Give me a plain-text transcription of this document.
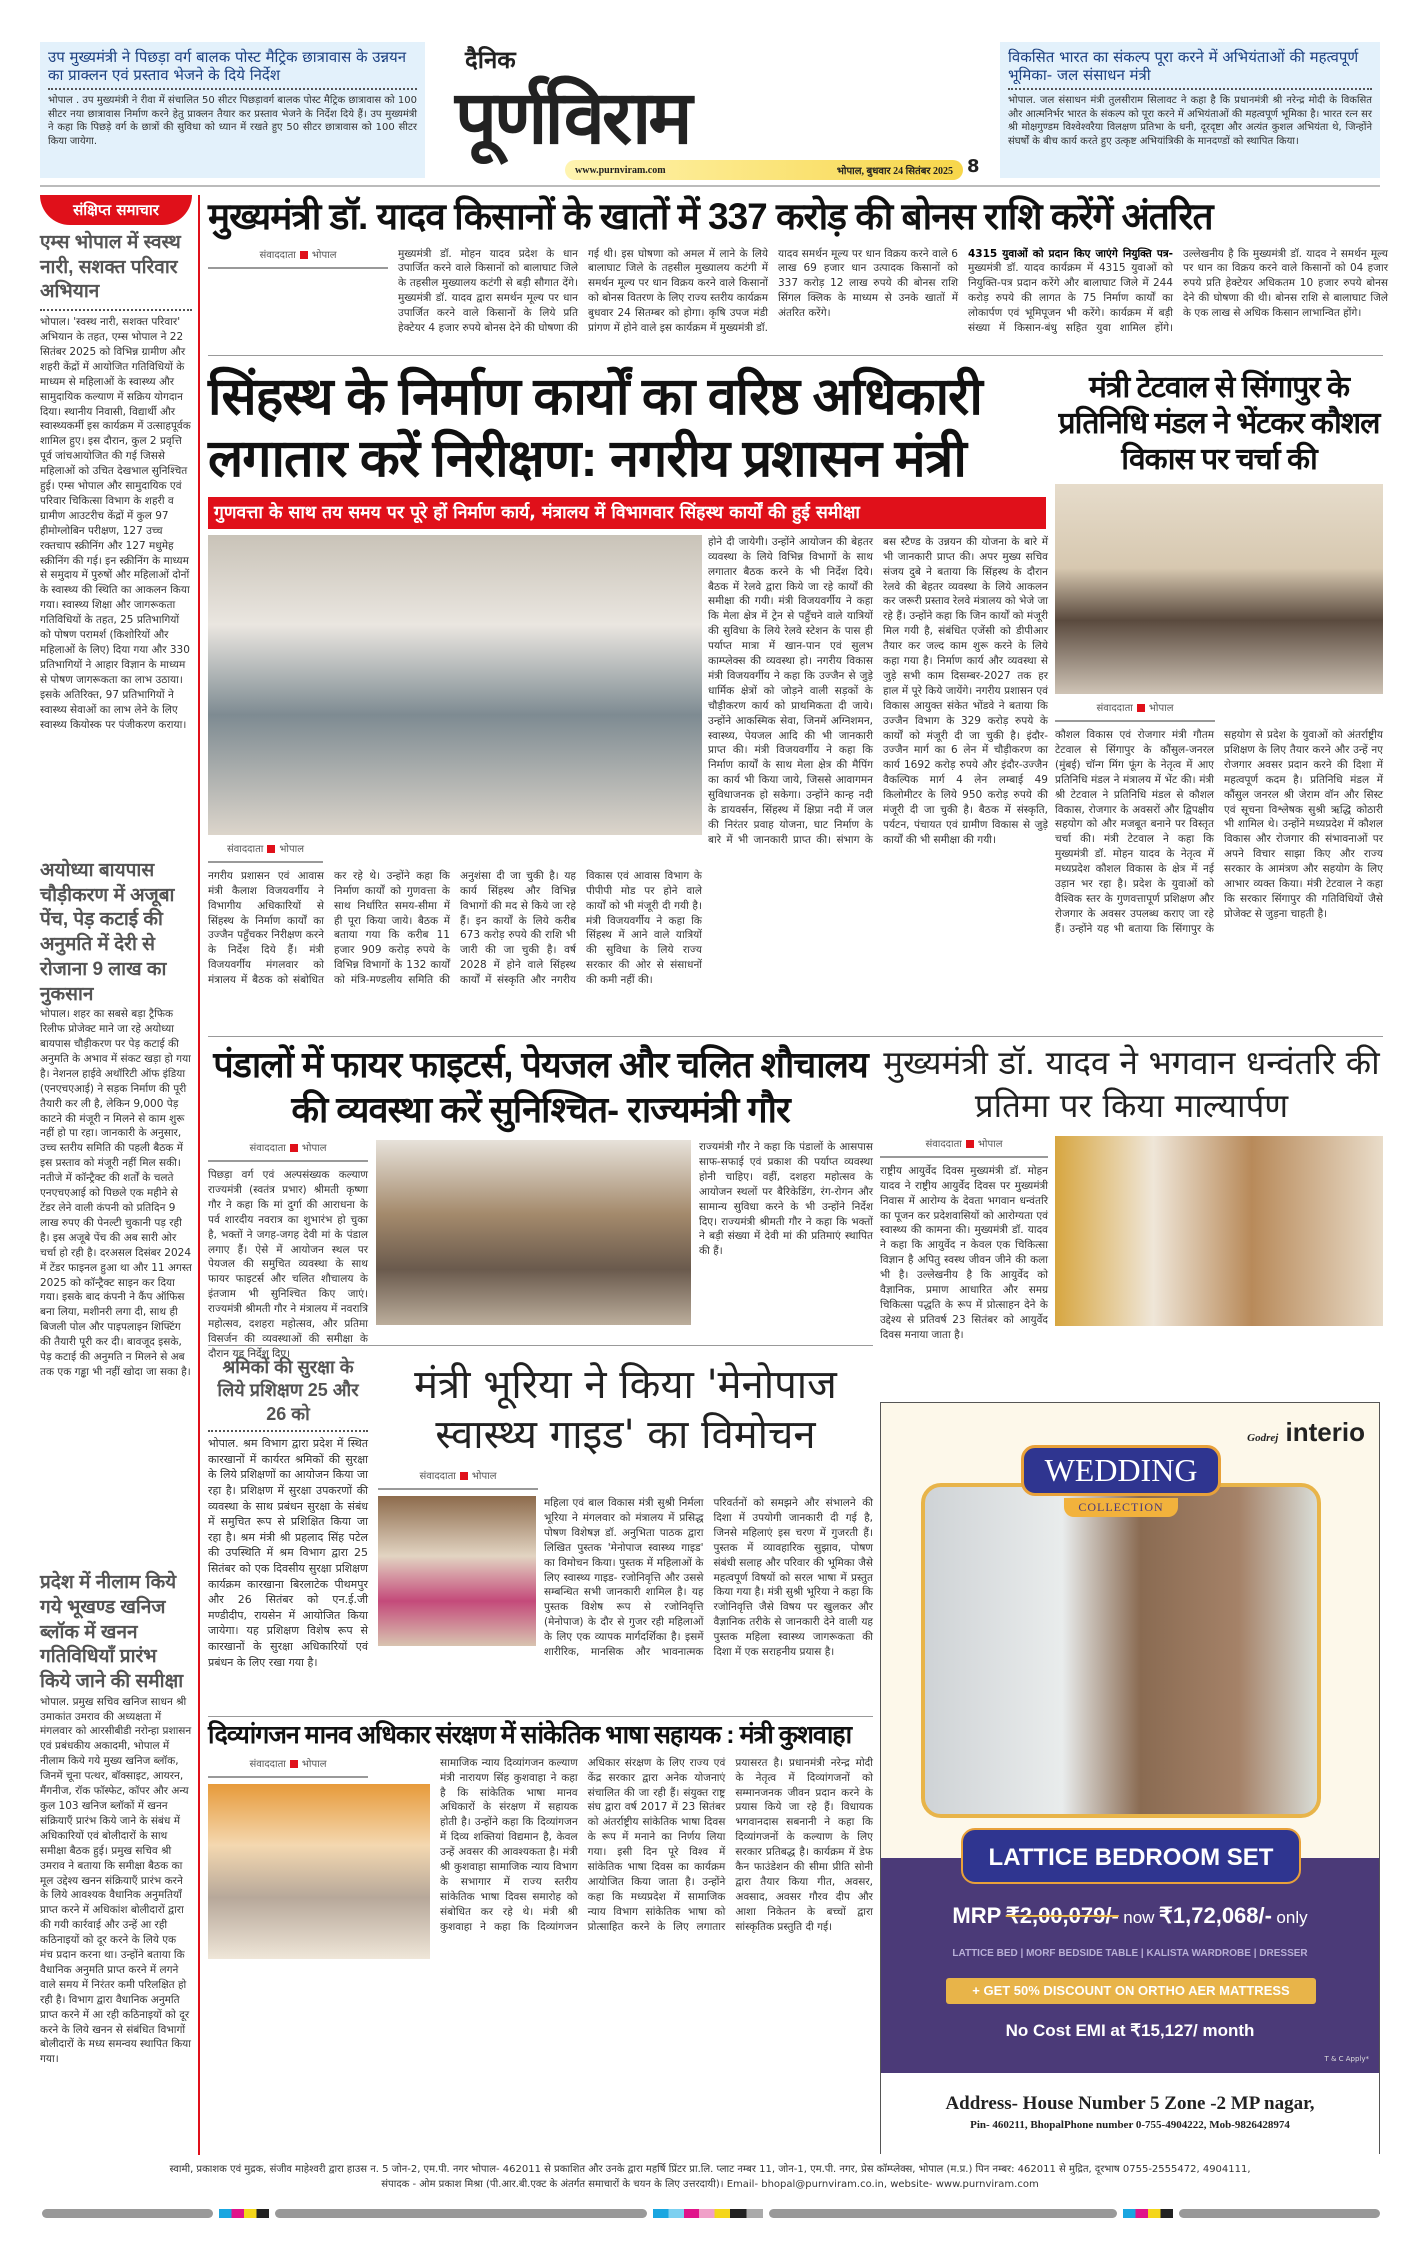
उप मुख्यमंत्री ने पिछड़ा वर्ग बालक पोस्ट मैट्रिक छात्रावास के उन्नयन का प्राक्लन एवं प्रस्ताव भेजने के दिये निर्देश
भोपाल . उप मुख्यमंत्री ने रीवा में संचालित 50 सीटर पिछड़ावर्ग बालक पोस्ट मैट्रिक छात्रावास को 100 सीटर नया छात्रावास निर्माण करने हेतु प्राक्लन तैयार कर प्रस्ताव भेजने के निर्देश दिये हैं। उप मुख्यमंत्री ने कहा कि पिछड़े वर्ग के छात्रों की सुविधा को ध्यान में रखते हुए 50 सीटर छात्रावास को 100 सीटर किया जायेगा.
दैनिक
पूर्णविराम
www.purnviram.com	भोपाल, बुधवार 24 सितंबर 2025 8
विकसित भारत का संकल्प पूरा करने में अभियंताओं की महत्वपूर्ण भूमिका- जल संसाधन मंत्री
भोपाल. जल संसाधन मंत्री तुलसीराम सिलावट ने कहा है कि प्रधानमंत्री श्री नरेन्द्र मोदी के विकसित और आत्मनिर्भर भारत के संकल्प को पूरा करने में अभियंताओं की महत्वपूर्ण भूमिका है। भारत रत्न सर श्री मोक्षगुण्डम विश्वेश्वरैया विलक्षण प्रतिभा के धनी, दूरदृष्टा और अत्यंत कुशल अभियंता थे, जिन्होंने संघर्षों के बीच कार्य करते हुए उत्कृष्ट अभियांत्रिकी के मानदण्डों को स्थापित किया।
संक्षिप्त समाचार
एम्स भोपाल में स्वस्थ नारी, सशक्त परिवार अभियान
भोपाल। 'स्वस्थ नारी, सशक्त परिवार' अभियान के तहत, एम्स भोपाल ने 22 सितंबर 2025 को विभिन्न ग्रामीण और शहरी केंद्रों में आयोजित गतिविधियों के माध्यम से महिलाओं के स्वास्थ्य और सामुदायिक कल्याण में सक्रिय योगदान दिया। स्थानीय निवासी, विद्यार्थी और स्वास्थ्यकर्मी इस कार्यक्रम में उत्साहपूर्वक शामिल हुए। इस दौरान, कुल 2 प्रवृत्ति पूर्व जांचआयोजित की गई जिससे महिलाओं को उचित देखभाल सुनिश्चित हुई। एम्स भोपाल और सामुदायिक एवं परिवार चिकित्सा विभाग के शहरी व ग्रामीण आउटरीच केंद्रों में कुल 97 हीमोग्लोबिन परीक्षण, 127 उच्च रक्तचाप स्क्रीनिंग और 127 मधुमेह स्क्रीनिंग की गई। इन स्क्रीनिंग के माध्यम से समुदाय में पुरुषों और महिलाओं दोनों के स्वास्थ्य की स्थिति का आकलन किया गया। स्वास्थ्य शिक्षा और जागरूकता गतिविधियों के तहत, 25 प्रतिभागियों को पोषण परामर्श (किशोरियों और महिलाओं के लिए) दिया गया और 330 प्रतिभागियों ने आहार विज्ञान के माध्यम से पोषण जागरूकता का लाभ उठाया। इसके अतिरिक्त, 97 प्रतिभागियों ने स्वास्थ्य सेवाओं का लाभ लेने के लिए स्वास्थ्य कियोस्क पर पंजीकरण कराया।
अयोध्या बायपास चौड़ीकरण में अजूबा पेंच, पेड़ कटाई की अनुमति में देरी से रोजाना 9 लाख का नुकसान
भोपाल। शहर का सबसे बड़ा ट्रैफिक रिलीफ प्रोजेक्ट माने जा रहे अयोध्या बायपास चौड़ीकरण पर पेड़ कटाई की अनुमति के अभाव में संकट खड़ा हो गया है। नेशनल हाईवे अथॉरिटी ऑफ इंडिया (एनएचएआई) ने सड़क निर्माण की पूरी तैयारी कर ली है, लेकिन 9,000 पेड़ काटने की मंजूरी न मिलने से काम शुरू नहीं हो पा रहा। जानकारी के अनुसार, उच्च स्तरीय समिति की पहली बैठक में इस प्रस्ताव को मंजूरी नहीं मिल सकी। नतीजे में कॉन्ट्रैक्ट की शर्तों के चलते एनएचएआई को पिछले एक महीने से टेंडर लेने वाली कंपनी को प्रतिदिन 9 लाख रुपए की पेनल्टी चुकानी पड़ रही है। इस अजूबे पेंच की अब सारी ओर चर्चा हो रही है। दरअसल दिसंबर 2024 में टेंडर फाइनल हुआ था और 11 अगस्त 2025 को कॉन्ट्रैक्ट साइन कर दिया गया। इसके बाद कंपनी ने कैंप ऑफिस बना लिया, मशीनरी लगा दी, साथ ही बिजली पोल और पाइपलाइन शिफ्टिंग की तैयारी पूरी कर दी। बावजूद इसके, पेड़ कटाई की अनुमति न मिलने से अब तक एक गड्ढा भी नहीं खोदा जा सका है।
प्रदेश में नीलाम किये गये भूखण्ड खनिज ब्लॉक में खनन गतिविधियाँ प्रारंभ किये जाने की समीक्षा
भोपाल. प्रमुख सचिव खनिज साधन श्री उमाकांत उमराव की अध्यक्षता में मंगलवार को आरसीबीडी नरोन्हा प्रशासन एवं प्रबंधकीय अकादमी, भोपाल में नीलाम किये गये मुख्य खनिज ब्लॉक, जिनमें चूना पत्थर, बॉक्साइट, आयरन, मैंगनीज, रॉक फॉस्फेट, कॉपर और अन्य कुल 103 खनिज ब्लॉकों में खनन संक्रियाएँ प्रारंभ किये जाने के संबंध में अधिकारियों एवं बोलीदारों के साथ समीक्षा बैठक हुई। प्रमुख सचिव श्री उमराव ने बताया कि समीक्षा बैठक का मूल उद्देश्य खनन संक्रियाएँ प्रारंभ करने के लिये आवश्यक वैधानिक अनुमतियाँ प्राप्त करने में अधिकांश बोलीदारों द्वारा की गयी कार्रवाई और उन्हें आ रही कठिनाइयों को दूर करने के लिये एक मंच प्रदान करना था। उन्होंने बताया कि वैधानिक अनुमति प्राप्त करने में लगने वाले समय में निरंतर कमी परिलक्षित हो रही है। विभाग द्वारा वैधानिक अनुमति प्राप्त करने में आ रही कठिनाइयों को दूर करने के लिये खनन से संबंधित विभागों बोलीदारों के मध्य समन्वय स्थापित किया गया।
मुख्यमंत्री डॉ. यादव किसानों के खातों में 337 करोड़ की बोनस राशि करेंगें अंतरित
संवाददाता भोपाल	मुख्यमंत्री डॉ. मोहन यादव प्रदेश के धान उपार्जित करने वाले किसानों को बालाघाट जिले के तहसील मुख्यालय कटंगी से बड़ी सौगात देंगे। मुख्यमंत्री डॉ. यादव द्वारा समर्थन मूल्य पर धान उपार्जित करने वाले किसानों के लिये प्रति हेक्टेयर 4 हजार रुपये बोनस देने की घोषणा की गई थी। इस घोषणा को अमल में लाने के लिये बालाघाट जिले के तहसील मुख्यालय कटंगी में समर्थन मूल्य पर धान विक्रय करने वाले किसानों को बोनस वितरण के लिए राज्य स्तरीय कार्यक्रम बुधवार 24 सितम्बर को होगा। कृषि उपज मंडी प्रांगण में होने वाले इस कार्यक्रम में मुख्यमंत्री डॉ. यादव समर्थन मूल्य पर धान विक्रय करने वाले 6 लाख 69 हजार धान उत्पादक किसानों को 337 करोड़ 12 लाख रुपये की बोनस राशि सिंगल क्लिक के माध्यम से उनके खातों में अंतरित करेंगे।
4315 युवाओं को प्रदान किए जाएंगे नियुक्ति पत्र- मुख्यमंत्री डॉ. यादव कार्यक्रम में 4315 युवाओं को नियुक्ति-पत्र प्रदान करेंगे और बालाघाट जिले में 244 करोड़ रुपये की लागत के 75 निर्माण कार्यों का लोकार्पण एवं भूमिपूजन भी करेंगे। कार्यक्रम में बड़ी संख्या में किसान-बंधु सहित युवा शामिल होंगे। उल्लेखनीय है कि मुख्यमंत्री डॉ. यादव ने समर्थन मूल्य पर धान का विक्रय करने वाले किसानों को 04 हजार रुपये प्रति हेक्टेयर अधिकतम 10 हजार रुपये बोनस देने की घोषणा की थी। बोनस राशि से बालाघाट जिले के एक लाख से अधिक किसान लाभान्वित होंगे।
सिंहस्थ के निर्माण कार्यों का वरिष्ठ अधिकारी लगातार करें निरीक्षण: नगरीय प्रशासन मंत्री
गुणवत्ता के साथ तय समय पर पूरे हों निर्माण कार्य, मंत्रालय में विभागवार सिंहस्थ कार्यों की हुई समीक्षा
संवाददाता भोपाल
नगरीय प्रशासन एवं आवास मंत्री कैलाश विजयवर्गीय ने विभागीय अधिकारियों से सिंहस्थ के निर्माण कार्यों का उज्जैन पहुँचकर निरीक्षण करने के निर्देश दिये हैं। मंत्री विजयवर्गीय मंगलवार को मंत्रालय में बैठक को संबोधित कर रहे थे। उन्होंने कहा कि निर्माण कार्यों को गुणवत्ता के साथ निर्धारित समय-सीमा में ही पूरा किया जाये। बैठक में बताया गया कि करीब 11 हजार 909 करोड़ रुपये के विभिन्न विभागों के 132 कार्यों को मंत्रि-मण्डलीय समिति की अनुशंसा दी जा चुकी है। यह कार्य सिंहस्थ और विभिन्न विभागों की मद से किये जा रहे हैं। इन कार्यों के लिये करीब 673 करोड़ रुपये की राशि भी जारी की जा चुकी है। वर्ष 2028 में होने वाले सिंहस्थ कार्यों में संस्कृति और नगरीय विकास एवं आवास विभाग के पीपीपी मोड पर होने वाले कार्यों को भी मंजूरी दी गयी है। मंत्री विजयवर्गीय ने कहा कि सिंहस्थ में आने वाले यात्रियों की सुविधा के लिये राज्य सरकार की ओर से संसाधनों की कमी नहीं की।
होने दी जायेगी। उन्होंने आयोजन की बेहतर व्यवस्था के लिये विभिन्न विभागों के साथ लगातार बैठक करने के भी निर्देश दिये। बैठक में रेलवे द्वारा किये जा रहे कार्यों की समीक्षा की गयी। मंत्री विजयवर्गीय ने कहा कि मेला क्षेत्र में ट्रेन से पहुँचने वाले यात्रियों की सुविधा के लिये रेलवे स्टेशन के पास ही पर्याप्त मात्रा में खान-पान एवं सुलभ काम्प्लेक्स की व्यवस्था हो। नगरीय विकास मंत्री विजयवर्गीय ने कहा कि उज्जैन से जुड़े धार्मिक क्षेत्रों को जोड़ने वाली सड़कों के चौड़ीकरण कार्य को प्राथमिकता दी जाये। उन्होंने आकस्मिक सेवा, जिनमें अग्निशमन, स्वास्थ्य, पेयजल आदि की भी जानकारी प्राप्त की। मंत्री विजयवर्गीय ने कहा कि निर्माण कार्यों के साथ मेला क्षेत्र की मैपिंग का कार्य भी किया जाये, जिससे आवागमन सुविधाजनक हो सकेगा। उन्होंने कान्ह नदी के डायवर्सन, सिंहस्थ में क्षिप्रा नदी में जल की निरंतर प्रवाह योजना, घाट निर्माण के बारे में भी जानकारी प्राप्त की। संभाग के बस स्टैण्ड के उन्नयन की योजना के बारे में भी जानकारी प्राप्त की। अपर मुख्य सचिव संजय दुबे ने बताया कि सिंहस्थ के दौरान रेलवे की बेहतर व्यवस्था के लिये आकलन कर जरूरी प्रस्ताव रेलवे मंत्रालय को भेजे जा रहे हैं। उन्होंने कहा कि जिन कार्यों को मंजूरी मिल गयी है, संबंधित एजेंसी को डीपीआर तैयार कर जल्द काम शुरू करने के लिये कहा गया है। निर्माण कार्य और व्यवस्था से जुड़े सभी काम दिसम्बर-2027 तक हर हाल में पूरे किये जायेंगे। नगरीय प्रशासन एवं विकास आयुक्त संकेत भोंडवे ने बताया कि उज्जैन विभाग के 329 करोड़ रुपये के कार्यों को मंजूरी दी जा चुकी है। इंदौर-उज्जैन मार्ग का 6 लेन में चौड़ीकरण का कार्य 1692 करोड़ रुपये और इंदौर-उज्जैन वैकल्पिक मार्ग 4 लेन लम्बाई 49 किलोमीटर के लिये 950 करोड़ रुपये की मंजूरी दी जा चुकी है। बैठक में संस्कृति, पर्यटन, पंचायत एवं ग्रामीण विकास से जुड़े कार्यों की भी समीक्षा की गयी।
मंत्री टेटवाल से सिंगापुर के प्रतिनिधि मंडल ने भेंटकर कौशल विकास पर चर्चा की
संवाददाता भोपाल
कौशल विकास एवं रोजगार मंत्री गौतम टेटवाल से सिंगापुर के कौंसुल-जनरल (मुंबई) चॉन्ग मिंग फूंग के नेतृत्व में आए प्रतिनिधि मंडल ने मंत्रालय में भेंट की। मंत्री श्री टेटवाल ने प्रतिनिधि मंडल से कौशल विकास, रोजगार के अवसरों और द्विपक्षीय सहयोग को और मजबूत बनाने पर विस्तृत चर्चा की। मंत्री टेटवाल ने कहा कि मुख्यमंत्री डॉ. मोहन यादव के नेतृत्व में मध्यप्रदेश कौशल विकास के क्षेत्र में नई उड़ान भर रहा है। प्रदेश के युवाओं को वैश्विक स्तर के गुणवत्तापूर्ण प्रशिक्षण और रोजगार के अवसर उपलब्ध कराए जा रहे हैं। उन्होंने यह भी बताया कि सिंगापुर के सहयोग से प्रदेश के युवाओं को अंतर्राष्ट्रीय प्रशिक्षण के लिए तैयार करने और उन्हें नए रोजगार अवसर प्रदान करने की दिशा में महत्वपूर्ण कदम है। प्रतिनिधि मंडल में कौंसुल जनरल श्री जेराम वॉन और सिस्ट एवं सूचना विश्लेषक सुश्री ऋद्धि कोठारी भी शामिल थे। उन्होंने मध्यप्रदेश में कौशल विकास और रोजगार की संभावनाओं पर अपने विचार साझा किए और राज्य सरकार के आमंत्रण और सहयोग के लिए आभार व्यक्त किया। मंत्री टेटवाल ने कहा कि सरकार सिंगापुर की गतिविधियों जैसे प्रोजेक्ट से जुड़ना चाहती है।
पंडालों में फायर फाइटर्स, पेयजल और चलित शौचालय की व्यवस्था करें सुनिश्चित- राज्यमंत्री गौर
संवाददाता भोपाल
पिछड़ा वर्ग एवं अल्पसंख्यक कल्याण राज्यमंत्री (स्वतंत्र प्रभार) श्रीमती कृष्णा गौर ने कहा कि मां दुर्गा की आराधना के पर्व शारदीय नवरात्र का शुभारंभ हो चुका है, भक्तों ने जगह-जगह देवी मां के पंडाल लगाए हैं। ऐसे में आयोजन स्थल पर पेयजल की समुचित व्यवस्था के साथ फायर फाइटर्स और चलित शौचालय के इंतजाम भी सुनिश्चित किए जाएं। राज्यमंत्री श्रीमती गौर ने मंत्रालय में नवरात्रि महोत्सव, दशहरा महोत्सव, और प्रतिमा विसर्जन की व्यवस्थाओं की समीक्षा के दौरान यह निर्देश दिए।
राज्यमंत्री गौर ने कहा कि पंडालों के आसपास साफ-सफाई एवं प्रकाश की पर्याप्त व्यवस्था होनी चाहिए। वहीं, दशहरा महोत्सव के आयोजन स्थलों पर बैरिकेडिंग, रंग-रोगन और सामान्य सुविधा करने के भी उन्होंने निर्देश दिए। राज्यमंत्री श्रीमती गौर ने कहा कि भक्तों ने बड़ी संख्या में देवी मां की प्रतिमाएं स्थापित की हैं।
मुख्यमंत्री डॉ. यादव ने भगवान धन्वंतरि की प्रतिमा पर किया माल्यार्पण
संवाददाता भोपाल
राष्ट्रीय आयुर्वेद दिवस मुख्यमंत्री डॉ. मोहन यादव ने राष्ट्रीय आयुर्वेद दिवस पर मुख्यमंत्री निवास में आरोग्य के देवता भगवान धन्वंतरि का पूजन कर प्रदेशवासियों को आरोग्यता एवं स्वास्थ्य की कामना की। मुख्यमंत्री डॉ. यादव ने कहा कि आयुर्वेद न केवल एक चिकित्सा विज्ञान है अपितु स्वस्थ जीवन जीने की कला भी है। उल्लेखनीय है कि आयुर्वेद को वैज्ञानिक, प्रमाण आधारित और समग्र चिकित्सा पद्धति के रूप में प्रोत्साहन देने के उद्देश्य से प्रतिवर्ष 23 सितंबर को आयुर्वेद दिवस मनाया जाता है।
श्रमिकों की सुरक्षा के लिये प्रशिक्षण 25 और 26 को
भोपाल. श्रम विभाग द्वारा प्रदेश में स्थित कारखानों में कार्यरत श्रमिकों की सुरक्षा के लिये प्रशिक्षणों का आयोजन किया जा रहा है। प्रशिक्षण में सुरक्षा उपकरणों की व्यवस्था के साथ प्रबंधन सुरक्षा के संबंध में समुचित रूप से प्रशिक्षित किया जा रहा है। श्रम मंत्री श्री प्रहलाद सिंह पटेल की उपस्थिति में श्रम विभाग द्वारा 25 सितंबर को एक दिवसीय सुरक्षा प्रशिक्षण कार्यक्रम कारखाना बिरलाटेक पीथमपुर और 26 सितंबर को एन.ई.जी मण्डीदीप, रायसेन में आयोजित किया जायेगा। यह प्रशिक्षण विशेष रूप से कारखानों के सुरक्षा अधिकारियों एवं प्रबंधन के लिए रखा गया है।
मंत्री भूरिया ने किया 'मेनोपाज स्वास्थ्य गाइड' का विमोचन
संवाददाता भोपाल
महिला एवं बाल विकास मंत्री सुश्री निर्मला भूरिया ने मंगलवार को मंत्रालय में प्रसिद्ध पोषण विशेषज्ञ डॉ. अनुभिता पाठक द्वारा लिखित पुस्तक 'मेनोपाज स्वास्थ्य गाइड' का विमोचन किया। पुस्तक में महिलाओं के लिए स्वास्थ्य गाइड- रजोनिवृत्ति और उससे सम्बन्धित सभी जानकारी शामिल है। यह पुस्तक विशेष रूप से रजोनिवृत्ति (मेनोपाज) के दौर से गुजर रही महिलाओं के लिए एक व्यापक मार्गदर्शिका है। इसमें शारीरिक, मानसिक और भावनात्मक परिवर्तनों को समझने और संभालने की दिशा में उपयोगी जानकारी दी गई है, जिनसे महिलाएं इस चरण में गुजरती हैं। पुस्तक में व्यावहारिक सुझाव, पोषण संबंधी सलाह और परिवार की भूमिका जैसे महत्वपूर्ण विषयों को सरल भाषा में प्रस्तुत किया गया है। मंत्री सुश्री भूरिया ने कहा कि रजोनिवृत्ति जैसे विषय पर खुलकर और वैज्ञानिक तरीके से जानकारी देने वाली यह पुस्तक महिला स्वास्थ्य जागरूकता की दिशा में एक सराहनीय प्रयास है।
दिव्यांगजन मानव अधिकार संरक्षण में सांकेतिक भाषा सहायक : मंत्री कुशवाहा
संवाददाता भोपाल	सामाजिक न्याय दिव्यांगजन कल्याण मंत्री नारायण सिंह कुशवाहा ने कहा है कि सांकेतिक भाषा मानव अधिकारों के संरक्षण में सहायक होती है। उन्होंने कहा कि दिव्यांगजन में दिव्य शक्तियां विद्यमान है, केवल उन्हें अवसर की आवश्यकता है। मंत्री श्री कुशवाहा सामाजिक न्याय विभाग के सभागार में राज्य स्तरीय सांकेतिक भाषा दिवस समारोह को संबोधित कर रहे थे। मंत्री श्री कुशवाहा ने कहा कि दिव्यांगजन अधिकार संरक्षण के लिए राज्य एवं केंद्र सरकार द्वारा अनेक योजनाएं संचालित की जा रही हैं। संयुक्त राष्ट्र संघ द्वारा वर्ष 2017 में 23 सितंबर को अंतर्राष्ट्रीय सांकेतिक भाषा दिवस के रूप में मनाने का निर्णय लिया गया। इसी दिन पूरे विश्व में सांकेतिक भाषा दिवस का कार्यक्रम आयोजित किया जाता है। उन्होंने कहा कि मध्यप्रदेश में सामाजिक न्याय विभाग सांकेतिक भाषा को प्रोत्साहित करने के लिए लगातार प्रयासरत है। प्रधानमंत्री नरेन्द्र मोदी के नेतृत्व में दिव्यांगजनों को सम्मानजनक जीवन प्रदान करने के प्रयास किये जा रहे हैं। विधायक भगवानदास सबनानी ने कहा कि दिव्यांगजनों के कल्याण के लिए सरकार प्रतिबद्ध है। कार्यक्रम में डेफ कैन फाउंडेशन की सीमा प्रीति सोनी द्वारा तैयार किया गीत, अवसर, अवसाद, अवसर गौरव दीप और आशा निकेतन के बच्चों द्वारा सांस्कृतिक प्रस्तुति दी गई।
Godrej interio
WEDDING
COLLECTION
LATTICE BEDROOM SET
MRP ₹2,00,079/- now ₹1,72,068/- only
LATTICE BED | MORF BEDSIDE TABLE | KALISTA WARDROBE | DRESSER
+ GET 50% DISCOUNT ON ORTHO AER MATTRESS
No Cost EMI at ₹15,127/ month
T & C Apply*
Address- House Number 5 Zone -2 MP nagar,
Pin- 460211, BhopalPhone number 0-755-4904222, Mob-9826428974
स्वामी, प्रकाशक एवं मुद्रक, संजीव माहेश्वरी द्वारा हाउस न. 5 जोन-2, एम.पी. नगर भोपाल- 462011 से प्रकाशित और उनके द्वारा महर्षि प्रिंटर प्रा.लि. प्लाट नम्बर 11, जोन-1, एम.पी. नगर, प्रेस कॉम्प्लेक्स, भोपाल (म.प्र.) पिन नम्बर: 462011 से मुद्रित, दूरभाष 0755-2555472, 4904111,
संपादक - ओम प्रकाश मिश्रा (पी.आर.बी.एक्ट के अंतर्गत समाचारों के चयन के लिए उत्तरदायी)। Email- bhopal@purnviram.co.in, website- www.purnviram.com
